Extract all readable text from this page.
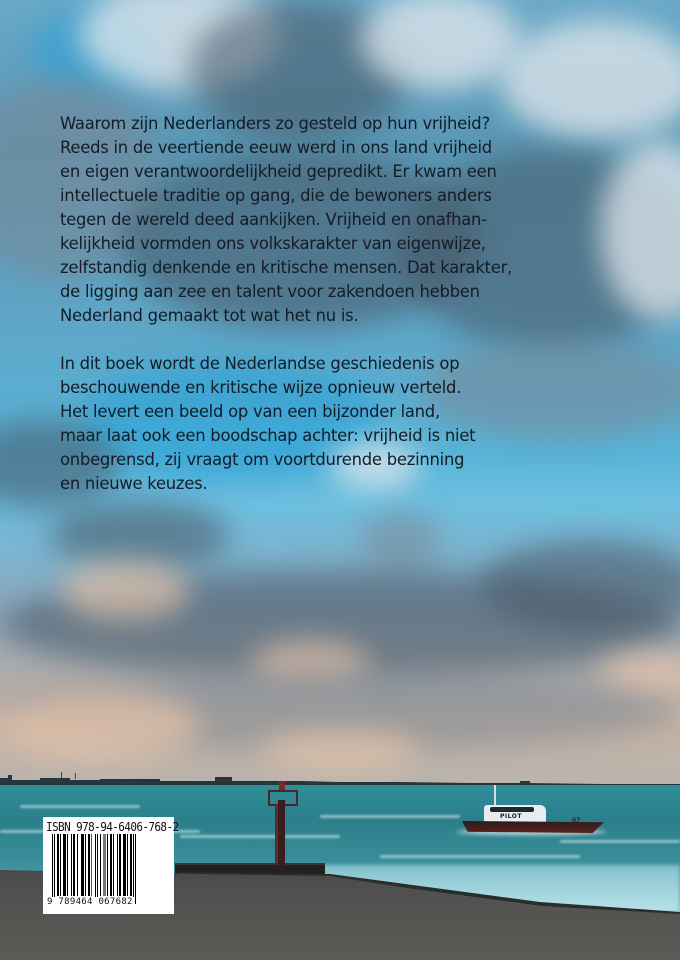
PILOT
07

Waarom zijn Nederlanders zo gesteld op hun vrijheid?
Reeds in de veertiende eeuw werd in ons land vrijheid
en eigen verantwoordelijkheid gepredikt. Er kwam een
intellectuele traditie op gang, die de bewoners anders
tegen de wereld deed aankijken. Vrijheid en onafhan-
kelijkheid vormden ons volkskarakter van eigenwijze,
zelfstandig denkende en kritische mensen. Dat karakter,
de ligging aan zee en talent voor zakendoen hebben
Nederland gemaakt tot wat het nu is.

In dit boek wordt de Nederlandse geschiedenis op
beschouwende en kritische wijze opnieuw verteld.
Het levert een beeld op van een bijzonder land,
maar laat ook een boodschap achter: vrijheid is niet
onbegrensd, zij vraagt om voortdurende bezinning
en nieuwe keuzes.

ISBN 978-94-6406-768-2
9 789464 067682
